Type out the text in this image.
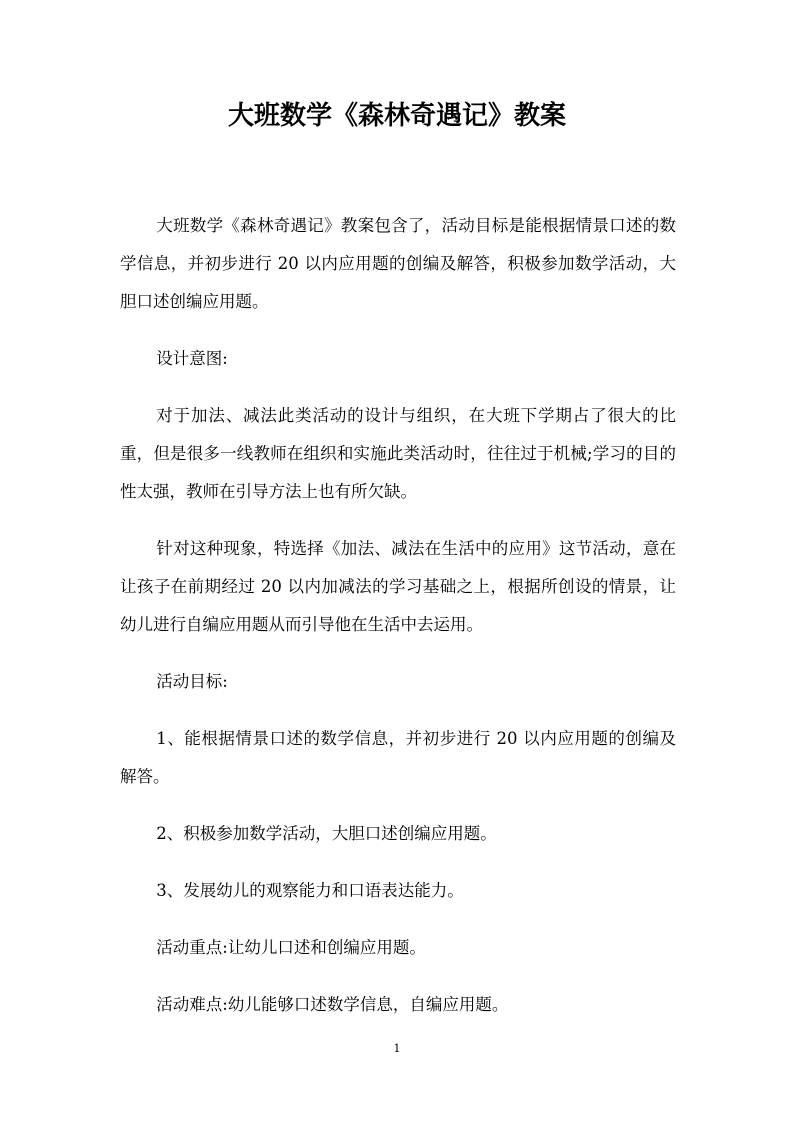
大班数学《森林奇遇记》教案

大班数学《森林奇遇记》教案包含了，活动目标是能根据情景口述的数学信息，并初步进行 20 以内应用题的创编及解答，积极参加数学活动，大胆口述创编应用题。

设计意图:

对于加法、减法此类活动的设计与组织，在大班下学期占了很大的比重，但是很多一线教师在组织和实施此类活动时，往往过于机械;学习的目的性太强，教师在引导方法上也有所欠缺。

针对这种现象，特选择《加法、减法在生活中的应用》这节活动，意在让孩子在前期经过 20 以内加减法的学习基础之上，根据所创设的情景，让幼儿进行自编应用题从而引导他在生活中去运用。

活动目标:

1、能根据情景口述的数学信息，并初步进行 20 以内应用题的创编及解答。

2、积极参加数学活动，大胆口述创编应用题。

3、发展幼儿的观察能力和口语表达能力。

活动重点:让幼儿口述和创编应用题。

活动难点:幼儿能够口述数学信息，自编应用题。

1
